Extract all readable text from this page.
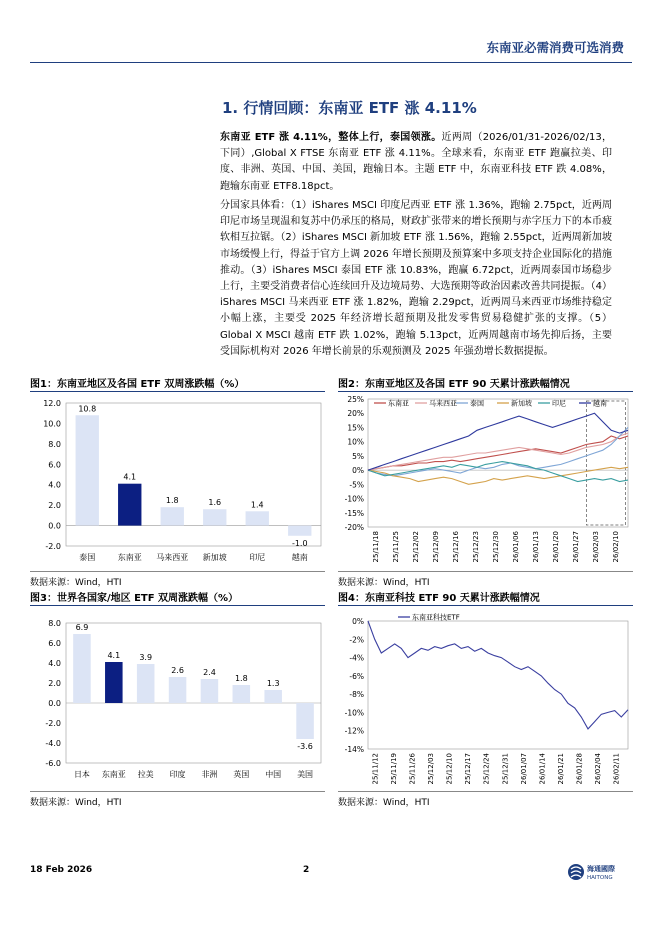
东南亚必需消费可选消费
1. 行情回顾：东南亚 ETF 涨 4.11%
东南亚 ETF 涨 4.11%，整体上行，泰国领涨。近两周（2026/01/31-2026/02/13，下同）,Global X FTSE 东南亚 ETF 涨 4.11%。全球来看，东南亚 ETF 跑赢拉美、印度、非洲、英国、中国、美国，跑输日本。主题 ETF 中，东南亚科技 ETF 跌 4.08%，跑输东南亚 ETF8.18pct。
分国家具体看：（1）iShares MSCI 印度尼西亚 ETF 涨 1.36%，跑输 2.75pct，近两周印尼市场呈现温和复苏中仍承压的格局，财政扩张带来的增长预期与赤字压力下的本币疲软相互拉锯。（2）iShares MSCI 新加坡 ETF 涨 1.56%，跑输 2.55pct，近两周新加坡市场缓慢上行，得益于官方上调 2026 年增长预期及预算案中多项支持企业国际化的措施推动。（3）iShares MSCI 泰国 ETF 涨 10.83%，跑赢 6.72pct，近两周泰国市场稳步上行，主要受消费者信心连续回升及边境局势、大选预期等政治因素改善共同提振。（4）iShares MSCI 马来西亚 ETF 涨 1.82%，跑输 2.29pct，近两周马来西亚市场维持稳定小幅上涨，主要受 2025 年经济增长超预期及批发零售贸易稳健扩张的支撑。（5）Global X MSCI 越南 ETF 跌 1.02%，跑输 5.13pct，近两周越南市场先抑后扬，主要受国际机构对 2026 年增长前景的乐观预测及 2025 年强劲增长数据提振。
图1：东南亚地区及各国 ETF 双周涨跌幅（%）
12.0
10.0
8.0
6.0
4.0
2.0
0.0
-2.0
10.8
泰国
4.1
东南亚
1.8
马来西亚
1.6
新加坡
1.4
印尼
-1.0
越南
数据来源：Wind，HTI
图2：东南亚地区及各国 ETF 90 天累计涨跌幅情况
25%
20%
15%
10%
5%
0%
-5%
-10%
-15%
-20%
25/11/18 25/11/25 25/12/02 25/12/09 25/12/16 25/12/23 25/12/30 26/01/06 26/01/13 26/01/20 26/01/27 26/02/03 26/02/10
东南亚	马来西亚 泰国	新加坡	印尼	越南
数据来源：Wind，HTI
图3：世界各国家/地区 ETF 双周涨跌幅（%）
8.0
6.0
4.0
2.0
0.0
-2.0
-4.0
-6.0
6.9
日本
4.1
东南亚
3.9
拉美
2.6
印度
2.4
非洲
1.8
英国
1.3
中国
-3.6
美国
数据来源：Wind，HTI
图4：东南亚科技 ETF 90 天累计涨跌幅情况
0%
-2%
-4%
-6%
-8%
-10%
-12%
-14%
25/11/12 25/11/19 25/11/26 25/12/03 25/12/10 25/12/17 25/12/24 25/12/31 26/01/07 26/01/14 26/01/21 26/01/28 26/02/04 26/02/11
东南亚科技ETF
数据来源：Wind，HTI
18 Feb 2026	2	海通國際
HAITONG
